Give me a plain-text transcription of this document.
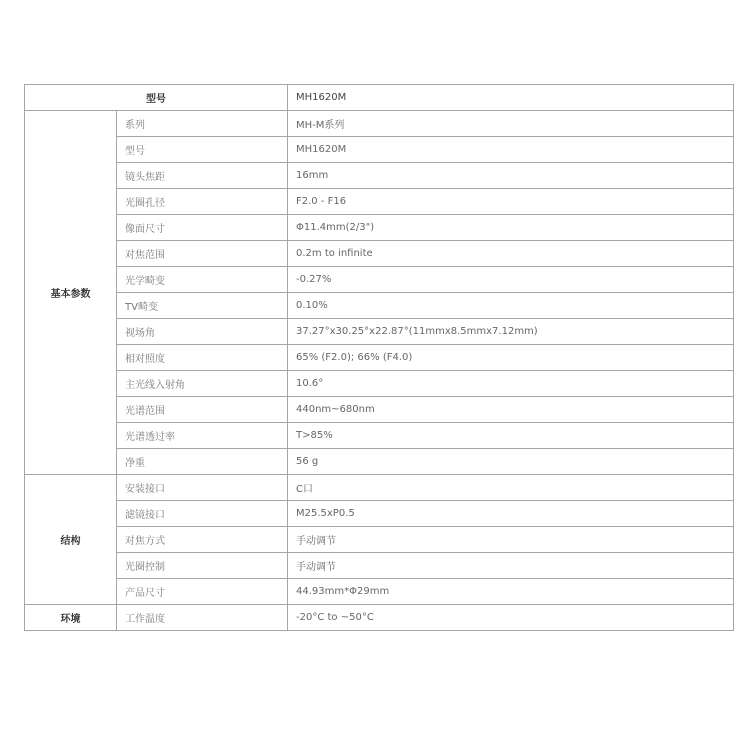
型号		MH1620M
基本参数	系列	MH-M系列
	型号	MH1620M
	镜头焦距	16mm
	光圈孔径	F2.0 - F16
	像面尺寸	Φ11.4mm(2/3")
	对焦范围	0.2m to infinite
	光学畸变	-0.27%
	TV畸变	0.10%
	视场角	37.27°x30.25°x22.87°(11mmx8.5mmx7.12mm)
	相对照度	65% (F2.0); 66% (F4.0)
	主光线入射角	10.6°
	光谱范围	440nm~680nm
	光谱透过率	T>85%
	净重	56 g
结构	安装接口	C口
	滤镜接口	M25.5xP0.5
	对焦方式	手动调节
	光圈控制	手动调节
	产品尺寸	44.93mm*Φ29mm
环境	工作温度	-20°C to ~50°C
